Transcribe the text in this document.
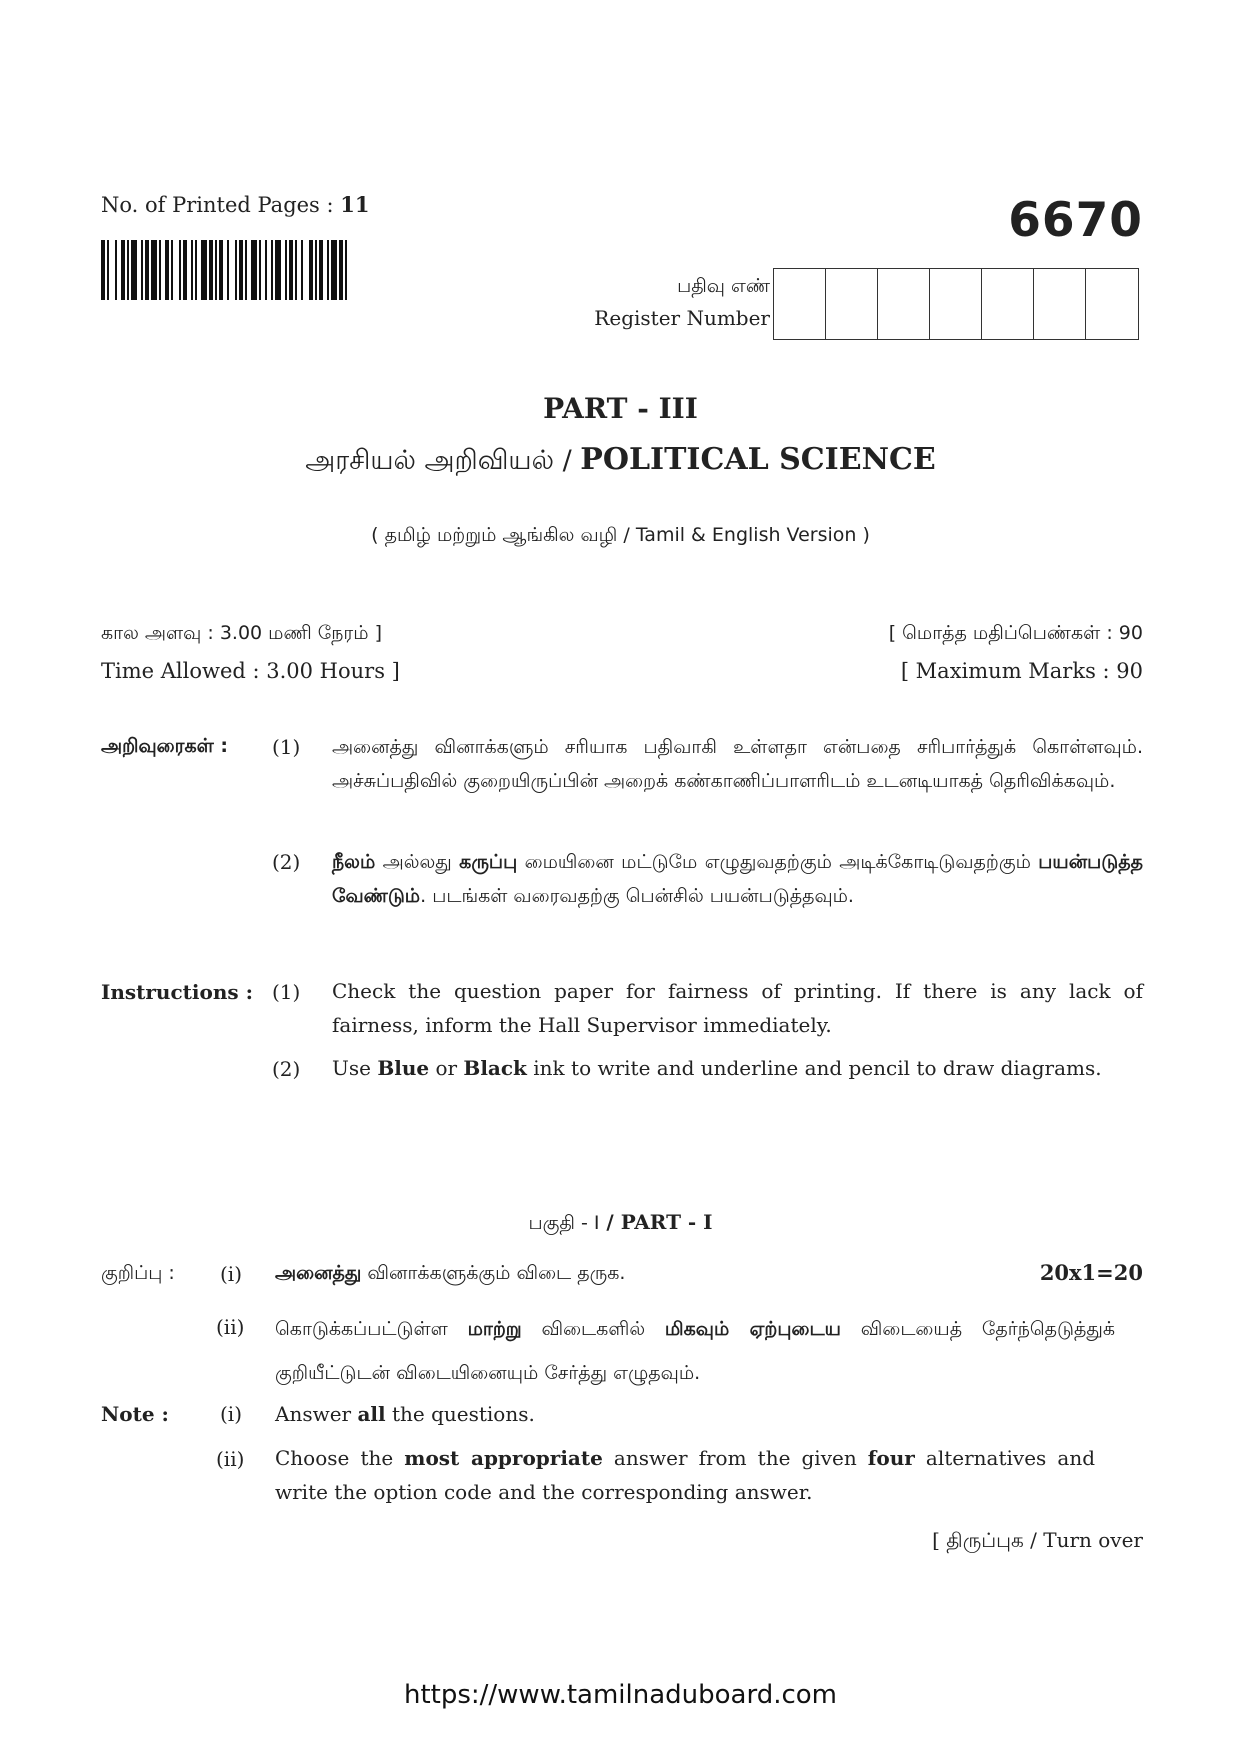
No. of Printed Pages : 11	6670
பதிவு எண்
Register Number
PART - III
அரசியல் அறிவியல் / POLITICAL SCIENCE
( தமிழ் மற்றும் ஆங்கில வழி / Tamil & English Version )
கால அளவு : 3.00 மணி நேரம் ]
Time Allowed : 3.00 Hours ]
[ மொத்த மதிப்பெண்கள் : 90
[ Maximum Marks : 90
அறிவுரைகள் : (1) அனைத்து வினாக்களும் சரியாக பதிவாகி உள்ளதா என்பதை சரிபார்த்துக் கொள்ளவும். அச்சுப்பதிவில் குறையிருப்பின் அறைக் கண்காணிப்பாளரிடம் உடனடியாகத் தெரிவிக்கவும்.
(2) நீலம் அல்லது கருப்பு மையினை மட்டுமே எழுதுவதற்கும் அடிக்கோடிடுவதற்கும் பயன்படுத்த வேண்டும். படங்கள் வரைவதற்கு பென்சில் பயன்படுத்தவும்.
Instructions : (1) Check the question paper for fairness of printing. If there is any lack of fairness, inform the Hall Supervisor immediately.
(2) Use Blue or Black ink to write and underline and pencil to draw diagrams.
பகுதி - I / PART - I
குறிப்பு : (i) அனைத்து வினாக்களுக்கும் விடை தருக.	20x1=20
(ii) கொடுக்கப்பட்டுள்ள மாற்று விடைகளில் மிகவும் ஏற்புடைய விடையைத் தேர்ந்தெடுத்துக் குறியீட்டுடன் விடையினையும் சேர்த்து எழுதவும்.
Note :	(i) Answer all the questions.
(ii) Choose the most appropriate answer from the given four alternatives and write the option code and the corresponding answer.
[ திருப்புக / Turn over
https://www.tamilnaduboard.com
